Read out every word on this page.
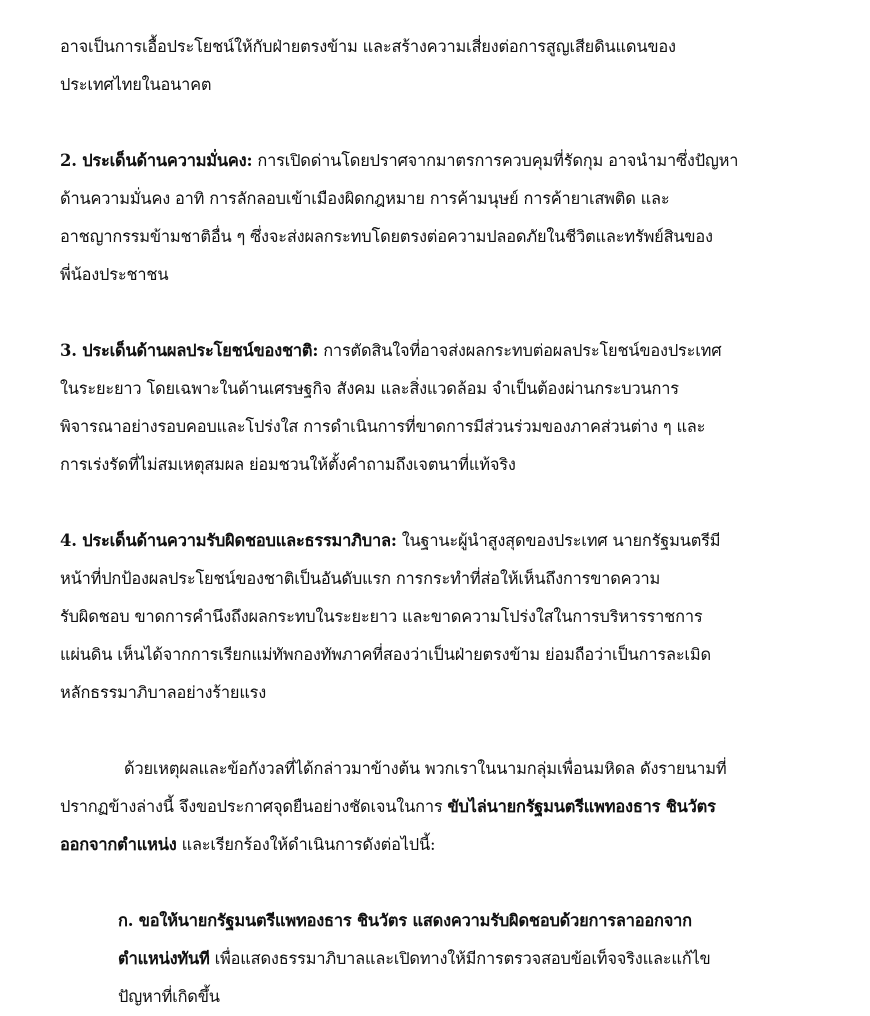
อาจเป็นการเอื้อประโยชน์ให้กับฝ่ายตรงข้าม และสร้างความเสี่ยงต่อการสูญเสียดินแดนของ
ประเทศไทยในอนาคต
2. ประเด็นด้านความมั่นคง: การเปิดด่านโดยปราศจากมาตรการควบคุมที่รัดกุม อาจนำมาซึ่งปัญหา
ด้านความมั่นคง อาทิ การลักลอบเข้าเมืองผิดกฎหมาย การค้ามนุษย์ การค้ายาเสพติด และ
อาชญากรรมข้ามชาติอื่น ๆ ซึ่งจะส่งผลกระทบโดยตรงต่อความปลอดภัยในชีวิตและทรัพย์สินของ
พี่น้องประชาชน
3. ประเด็นด้านผลประโยชน์ของชาติ: การตัดสินใจที่อาจส่งผลกระทบต่อผลประโยชน์ของประเทศ
ในระยะยาว โดยเฉพาะในด้านเศรษฐกิจ สังคม และสิ่งแวดล้อม จำเป็นต้องผ่านกระบวนการ
พิจารณาอย่างรอบคอบและโปร่งใส การดำเนินการที่ขาดการมีส่วนร่วมของภาคส่วนต่าง ๆ และ
การเร่งรัดที่ไม่สมเหตุสมผล ย่อมชวนให้ตั้งคำถามถึงเจตนาที่แท้จริง
4. ประเด็นด้านความรับผิดชอบและธรรมาภิบาล: ในฐานะผู้นำสูงสุดของประเทศ นายกรัฐมนตรีมี
หน้าที่ปกป้องผลประโยชน์ของชาติเป็นอันดับแรก การกระทำที่ส่อให้เห็นถึงการขาดความ
รับผิดชอบ ขาดการคำนึงถึงผลกระทบในระยะยาว และขาดความโปร่งใสในการบริหารราชการ
แผ่นดิน เห็นได้จากการเรียกแม่ทัพกองทัพภาคที่สองว่าเป็นฝ่ายตรงข้าม ย่อมถือว่าเป็นการละเมิด
หลักธรรมาภิบาลอย่างร้ายแรง
ด้วยเหตุผลและข้อกังวลที่ได้กล่าวมาข้างต้น พวกเราในนามกลุ่มเพื่อนมหิดล ดังรายนามที่
ปรากฏข้างล่างนี้ จึงขอประกาศจุดยืนอย่างชัดเจนในการ ขับไล่นายกรัฐมนตรีแพทองธาร ชินวัตร
ออกจากตำแหน่ง และเรียกร้องให้ดำเนินการดังต่อไปนี้:
ก. ขอให้นายกรัฐมนตรีแพทองธาร ชินวัตร แสดงความรับผิดชอบด้วยการลาออกจาก
ตำแหน่งทันที เพื่อแสดงธรรมาภิบาลและเปิดทางให้มีการตรวจสอบข้อเท็จจริงและแก้ไข
ปัญหาที่เกิดขึ้น
